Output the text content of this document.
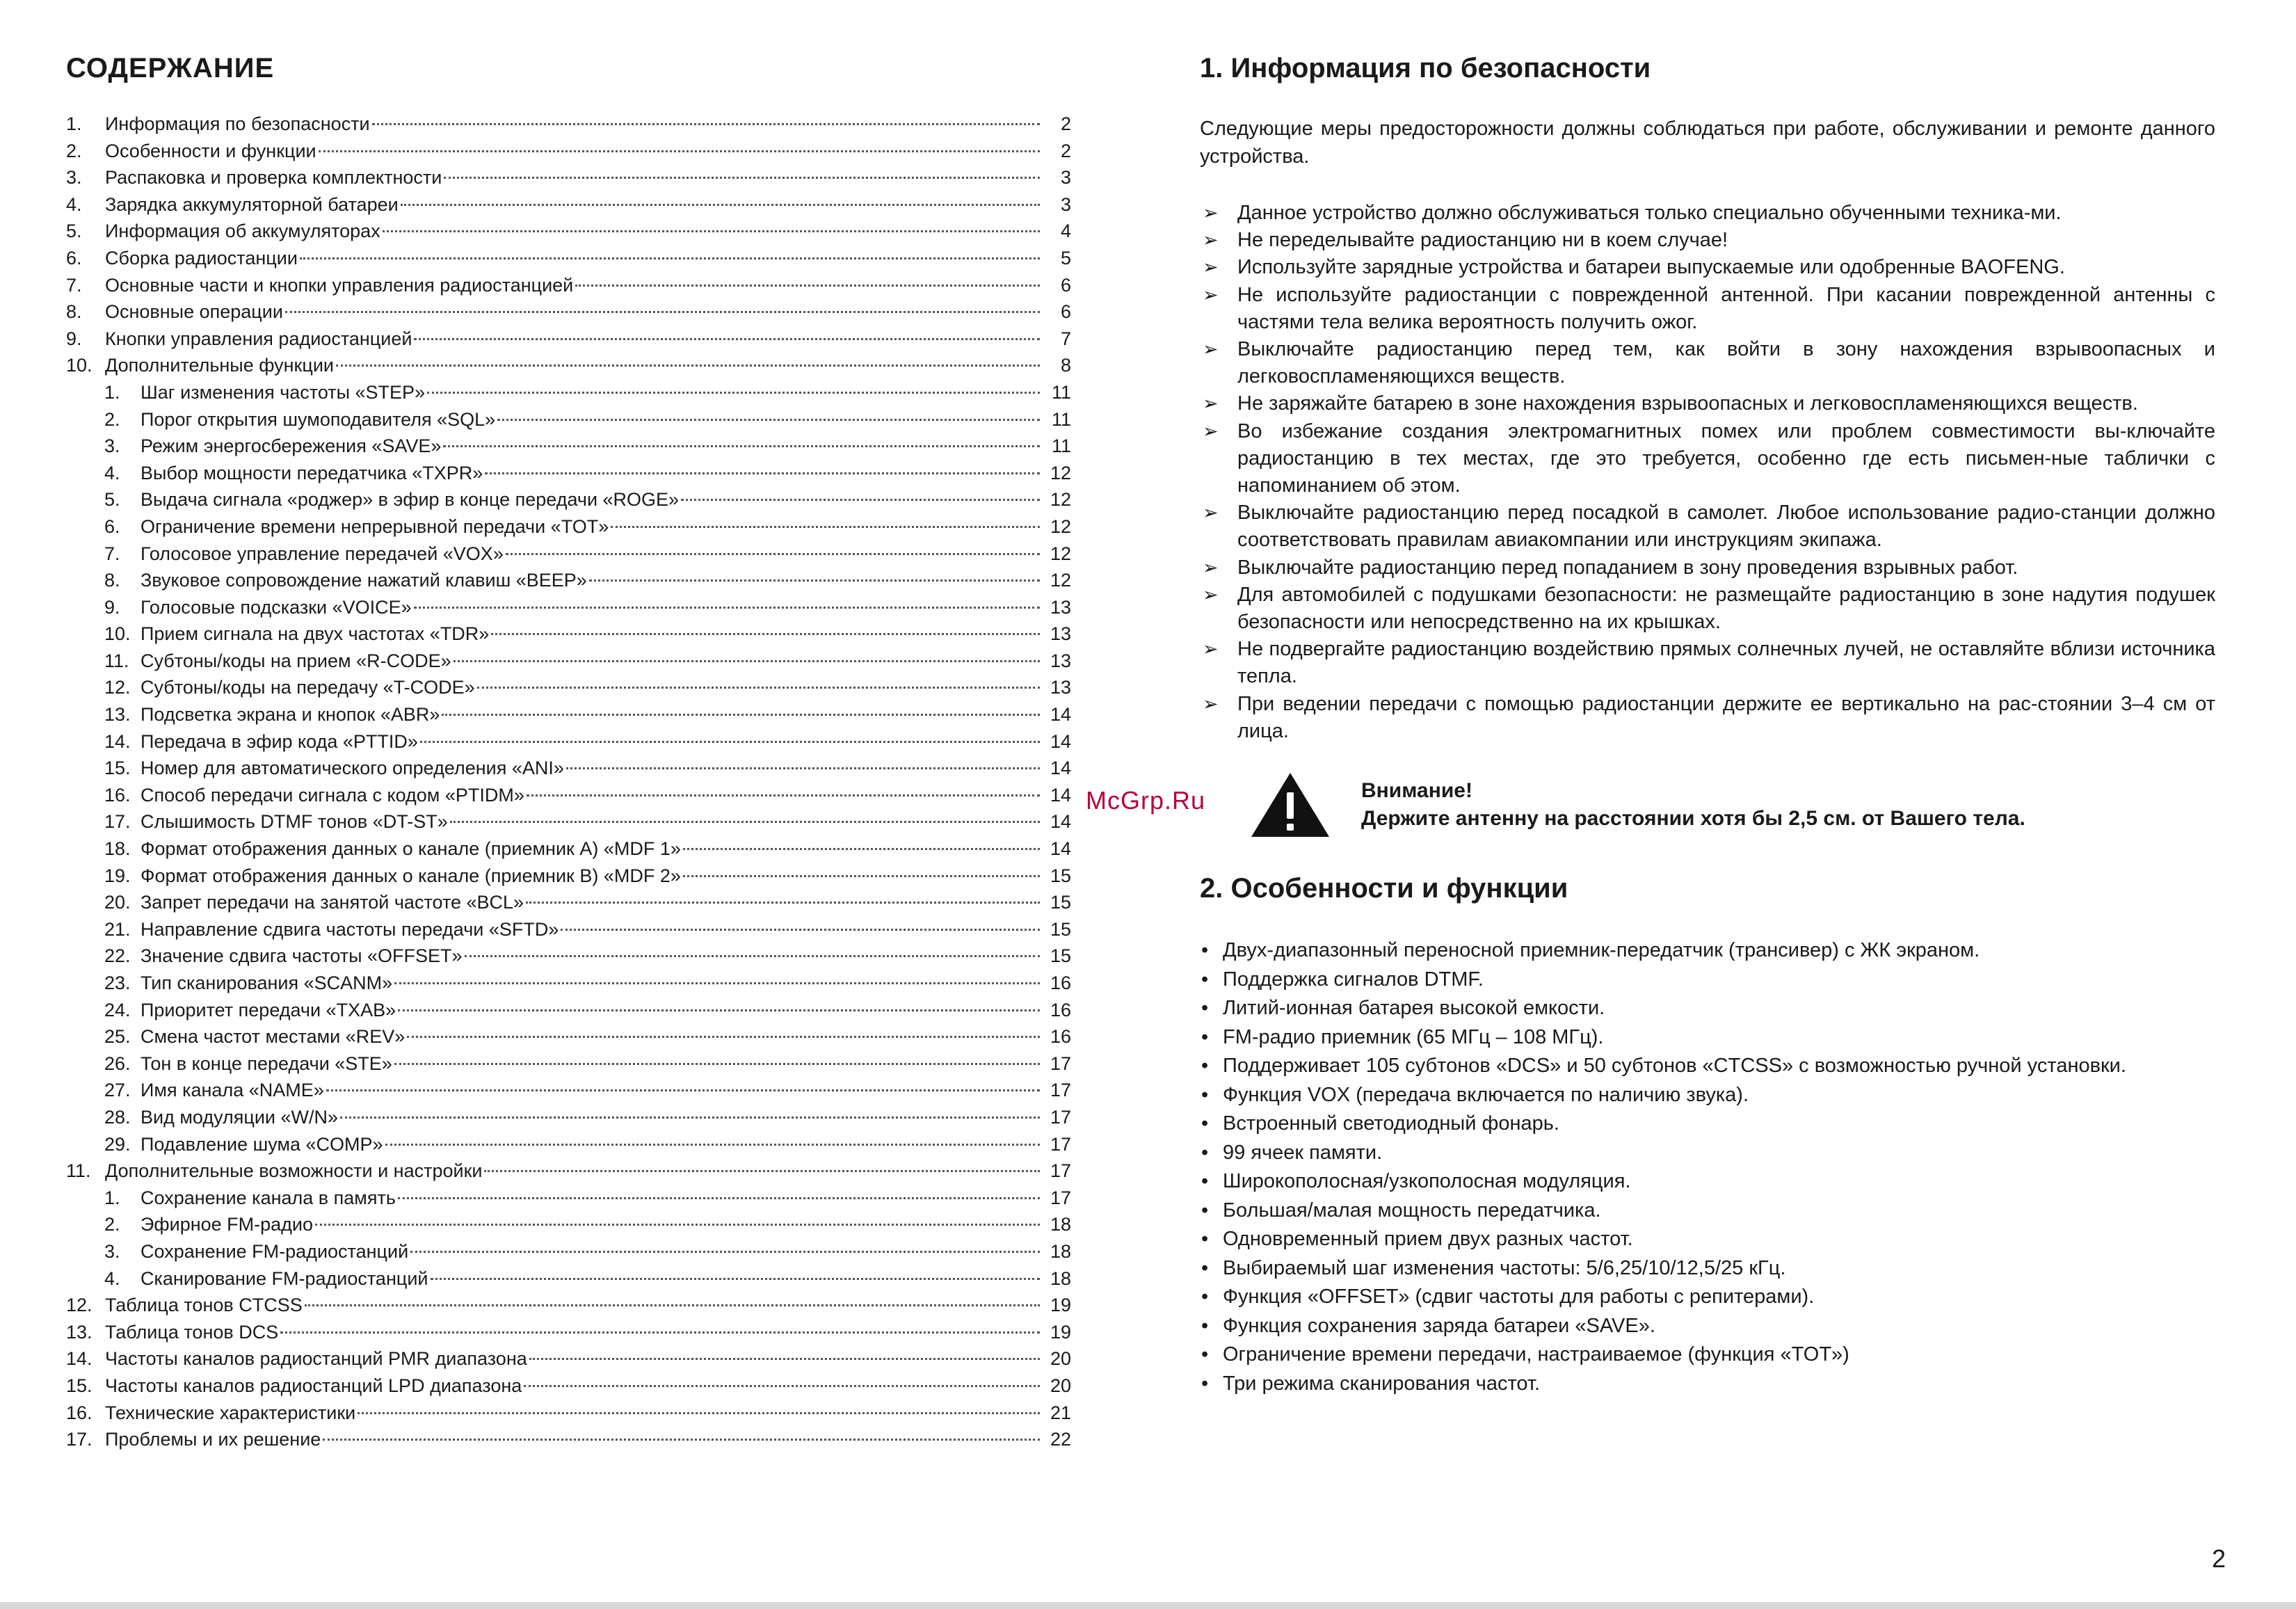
СОДЕРЖАНИЕ
1.	Информация по безопасности	2
2.	Особенности и функции	2
3.	Распаковка и проверка комплектности	3
4.	Зарядка аккумуляторной батареи	3
5.	Информация об аккумуляторах	4
6.	Сборка радиостанции	5
7.	Основные части и кнопки управления радиостанцией	6
8.	Основные операции	6
9.	Кнопки управления радиостанцией	7
10. Дополнительные функции	8
1.	Шаг изменения частоты «STEP»	11
2.	Порог открытия шумоподавителя «SQL»	11
3.	Режим энергосбережения «SAVE»	11
4.	Выбор мощности передатчика «TXPR»	12
5.	Выдача сигнала «роджер» в эфир в конце передачи «ROGE»	12
6.	Ограничение времени непрерывной передачи «TOT»	12
7.	Голосовое управление передачей «VOX»	12
8.	Звуковое сопровождение нажатий клавиш «BEEP»	12
9.	Голосовые подсказки «VOICE»	13
10. Прием сигнала на двух частотах «TDR»	13
11. Субтоны/коды на прием «R-CODE»	13
12. Субтоны/коды на передачу «T-CODE»	13
13. Подсветка экрана и кнопок «ABR»	14
14. Передача в эфир кода «PTTID»	14
15. Номер для автоматического определения «ANI»	14
16. Способ передачи сигнала с кодом «PTIDM»	14
17. Слышимость DTMF тонов «DT-ST»	14
18. Формат отображения данных о канале (приемник А) «MDF 1»	14
19. Формат отображения данных о канале (приемник В) «MDF 2»	15
20. Запрет передачи на занятой частоте «BCL»	15
21. Направление сдвига частоты передачи «SFTD»	15
22. Значение сдвига частоты «OFFSET»	15
23. Тип сканирования «SCANM»	16
24. Приоритет передачи «TXAB»	16
25. Смена частот местами «REV»	16
26. Тон в конце передачи «STE»	17
27. Имя канала «NAME»	17
28. Вид модуляции «W/N»	17
29. Подавление шума «COMP»	17
11. Дополнительные возможности и настройки	17
1.	Сохранение канала в память	17
2.	Эфирное FM-радио	18
3.	Сохранение FM-радиостанций	18
4.	Сканирование FM-радиостанций	18
12. Таблица тонов CTCSS	19
13. Таблица тонов DCS	19
14. Частоты каналов радиостанций PMR диапазона	20
15. Частоты каналов радиостанций LPD диапазона	20
16. Технические характеристики	21
17. Проблемы и их решение	22
1. Информация по безопасности

Следующие меры предосторожности должны соблюдаться при работе, обслуживании и ремонте данного устройства.

➢ Данное устройство должно обслуживаться только специально обученными техника-ми.
➢ Не переделывайте радиостанцию ни в коем случае!
➢ Используйте зарядные устройства и батареи выпускаемые или одобренные BAOFENG.
➢ Не используйте радиостанции с поврежденной антенной. При касании поврежденной антенны с частями тела велика вероятность получить ожог.
➢ Выключайте радиостанцию перед тем, как войти в зону нахождения взрывоопасных и легковоспламеняющихся веществ.
➢ Не заряжайте батарею в зоне нахождения взрывоопасных и легковоспламеняющихся веществ.
➢ Во избежание создания электромагнитных помех или проблем совместимости вы-ключайте радиостанцию в тех местах, где это требуется, особенно где есть письмен-ные таблички с напоминанием об этом.
➢ Выключайте радиостанцию перед посадкой в самолет. Любое использование радио-станции должно соответствовать правилам авиакомпании или инструкциям экипажа.
➢ Выключайте радиостанцию перед попаданием в зону проведения взрывных работ.
➢ Для автомобилей с подушками безопасности: не размещайте радиостанцию в зоне надутия подушек безопасности или непосредственно на их крышках.
➢ Не подвергайте радиостанцию воздействию прямых солнечных лучей, не оставляйте вблизи источника тепла.
➢ При ведении передачи с помощью радиостанции держите ее вертикально на рас-стоянии 3–4 см от лица.
Внимание!
Держите антенну на расстоянии хотя бы 2,5 см. от Вашего тела.
2. Особенности и функции
• Двух-диапазонный переносной приемник-передатчик (трансивер) с ЖК экраном.
• Поддержка сигналов DTMF.
• Литий-ионная батарея высокой емкости.
• FM-радио приемник (65 МГц – 108 МГц).
• Поддерживает 105 субтонов «DCS» и 50 субтонов «CTCSS» с возможностью ручной установки.
• Функция VOX (передача включается по наличию звука).
• Встроенный светодиодный фонарь.
• 99 ячеек памяти.
• Широкополосная/узкополосная модуляция.
• Большая/малая мощность передатчика.
• Одновременный прием двух разных частот.
• Выбираемый шаг изменения частоты: 5/6,25/10/12,5/25 кГц.
• Функция «OFFSET» (сдвиг частоты для работы с репитерами).
• Функция сохранения заряда батареи «SAVE».
• Ограничение времени передачи, настраиваемое (функция «TOT»)
• Три режима сканирования частот.
McGrp.Ru
2
